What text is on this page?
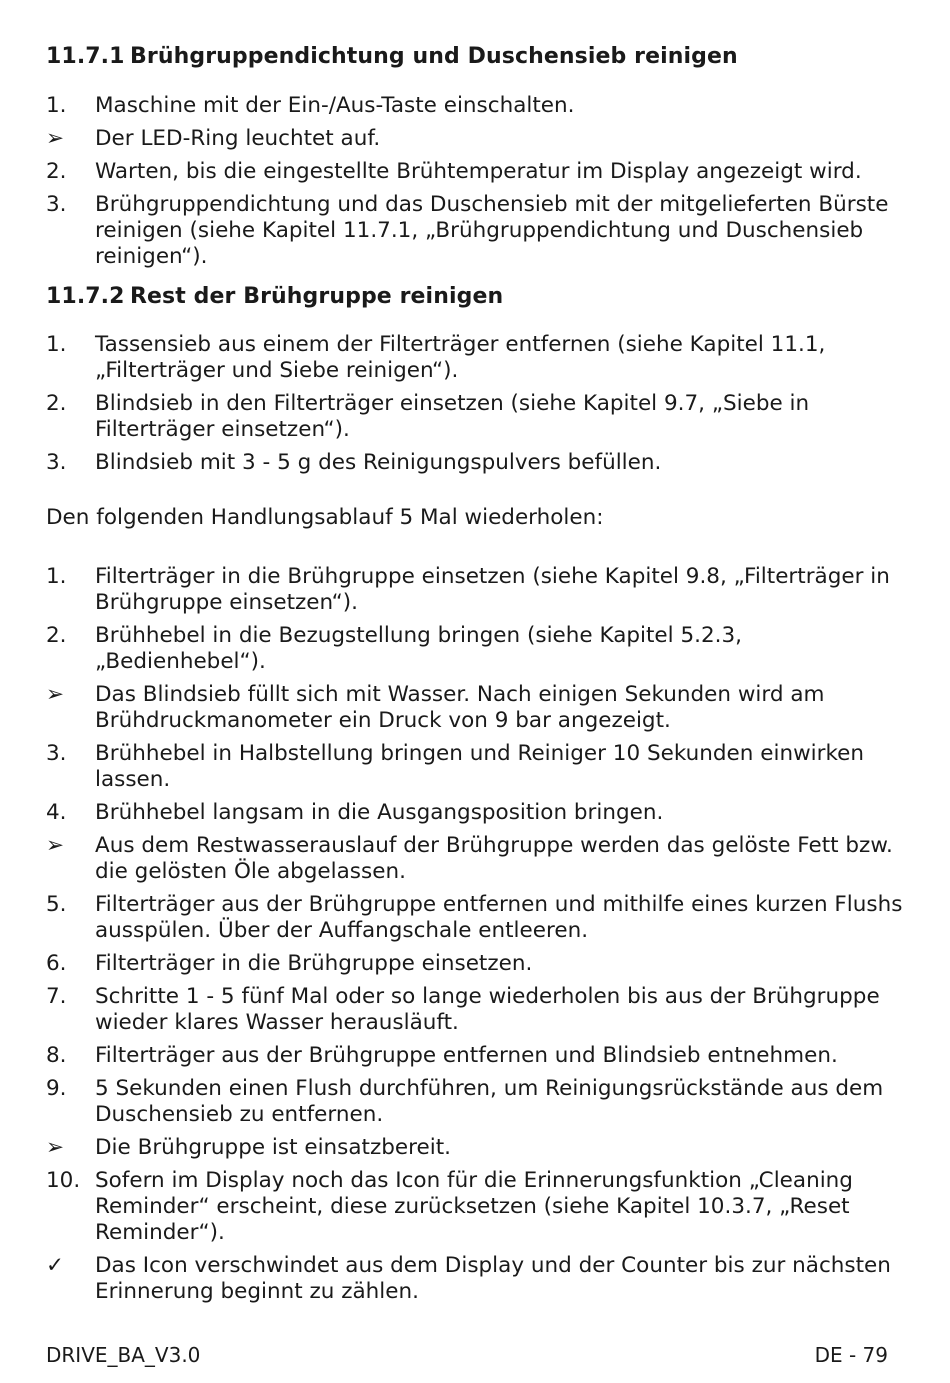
11.7.1 Brühgruppendichtung und Duschensieb reinigen
1.	Maschine mit der Ein-/Aus-Taste einschalten.
➢	Der LED-Ring leuchtet auf.
2.	Warten, bis die eingestellte Brühtemperatur im Display angezeigt wird.
3.	Brühgruppendichtung und das Duschensieb mit der mitgelieferten Bürste reinigen (siehe Kapitel 11.7.1, „Brühgruppendichtung und Duschensieb reinigen“).
11.7.2 Rest der Brühgruppe reinigen
1.	Tassensieb aus einem der Filterträger entfernen (siehe Kapitel 11.1, „Filterträger und Siebe reinigen“).
2.	Blindsieb in den Filterträger einsetzen (siehe Kapitel 9.7, „Siebe in Filterträger einsetzen“).
3.	Blindsieb mit 3 - 5 g des Reinigungspulvers befüllen.
Den folgenden Handlungsablauf 5 Mal wiederholen:
1.	Filterträger in die Brühgruppe einsetzen (siehe Kapitel 9.8, „Filterträger in Brühgruppe einsetzen“).
2.	Brühhebel in die Bezugstellung bringen (siehe Kapitel 5.2.3, „Bedienhebel“).
➢	Das Blindsieb füllt sich mit Wasser. Nach einigen Sekunden wird am Brühdruckmanometer ein Druck von 9 bar angezeigt.
3.	Brühhebel in Halbstellung bringen und Reiniger 10 Sekunden einwirken lassen.
4.	Brühhebel langsam in die Ausgangsposition bringen.
➢	Aus dem Restwasserauslauf der Brühgruppe werden das gelöste Fett bzw. die gelösten Öle abgelassen.
5.	Filterträger aus der Brühgruppe entfernen und mithilfe eines kurzen Flushs ausspülen. Über der Auffangschale entleeren.
6.	Filterträger in die Brühgruppe einsetzen.
7.	Schritte 1 - 5 fünf Mal oder so lange wiederholen bis aus der Brühgruppe wieder klares Wasser herausläuft.
8.	Filterträger aus der Brühgruppe entfernen und Blindsieb entnehmen.
9.	5 Sekunden einen Flush durchführen, um Reinigungsrückstände aus dem Duschensieb zu entfernen.
➢	Die Brühgruppe ist einsatzbereit.
10. Sofern im Display noch das Icon für die Erinnerungsfunktion „Cleaning Reminder“ erscheint, diese zurücksetzen (siehe Kapitel 10.3.7, „Reset Reminder“).
✓	Das Icon verschwindet aus dem Display und der Counter bis zur nächsten Erinnerung beginnt zu zählen.
DRIVE_BA_V3.0	DE - 79
